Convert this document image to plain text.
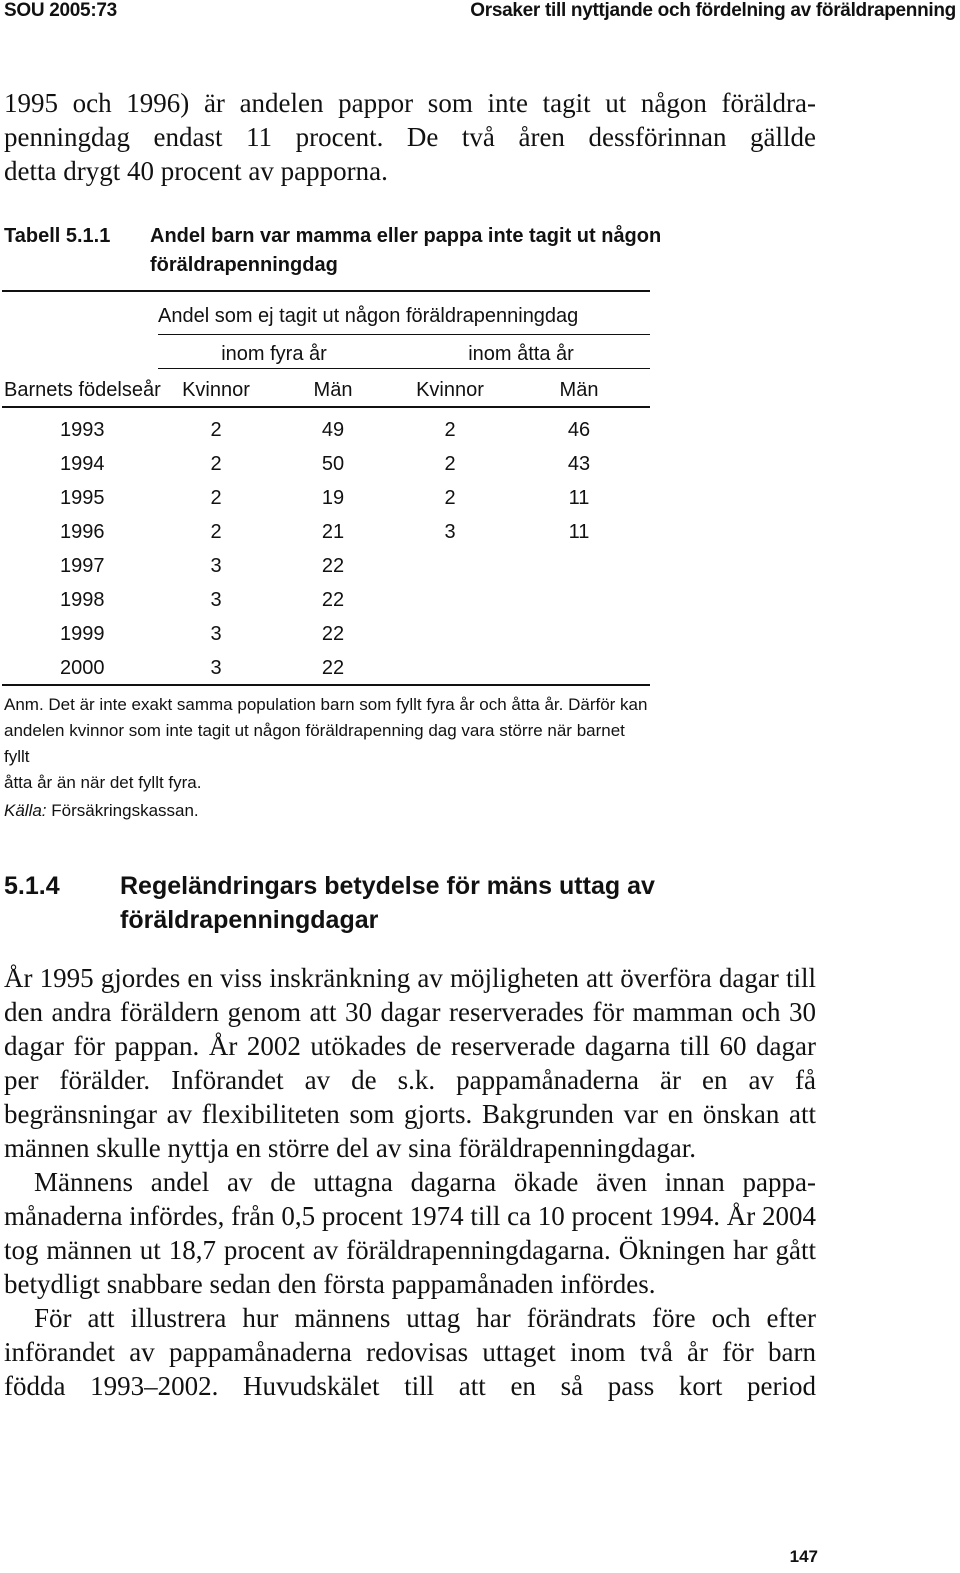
SOU 2005:73	Orsaker till nyttjande och fördelning av föräldrapenning
1995 och 1996) är andelen pappor som inte tagit ut någon föräldra-
penningdag endast 11 procent. De två åren dessförinnan gällde
detta drygt 40 procent av papporna.
Tabell 5.1.1 Andel barn var mamma eller pappa inte tagit ut någon
föräldrapenningdag
Andel som ej tagit ut någon föräldrapenningdag
inom fyra år	inom åtta år
Barnets födelseår Kvinnor	Män	Kvinnor	Män
1993	2	49	2	46
1994	2	50	2	43
1995	2	19	2	11
1996	2	21	3	11
1997	3	22
1998	3	22
1999	3	22
2000	3	22
Anm. Det är inte exakt samma population barn som fyllt fyra år och åtta år. Därför kan
andelen kvinnor som inte tagit ut någon föräldrapenning dag vara större när barnet fyllt
åtta år än när det fyllt fyra.
Källa: Försäkringskassan.
5.1.4 Regeländringars betydelse för mäns uttag av
föräldrapenningdagar

År 1995 gjordes en viss inskränkning av möjligheten att överföra dagar till den andra föräldern genom att 30 dagar reserverades för mamman och 30 dagar för pappan. År 2002 utökades de reserverade dagarna till 60 dagar per förälder. Införandet av de s.k. pappamånaderna är en av få begränsningar av flexibiliteten som gjorts. Bakgrunden var en önskan att männen skulle nyttja en större del av sina föräldrapenningdagar.

Männens andel av de uttagna dagarna ökade även innan pappamånaderna infördes, från 0,5 procent 1974 till ca 10 procent 1994. År 2004 tog männen ut 18,7 procent av föräldrapenningdagarna. Ökningen har gått betydligt snabbare sedan den första pappamånaden infördes.

För att illustrera hur männens uttag har förändrats före och efter införandet av pappamånaderna redovisas uttaget inom två år för barn födda 1993–2002. Huvudskälet till att en så pass kort period

147
